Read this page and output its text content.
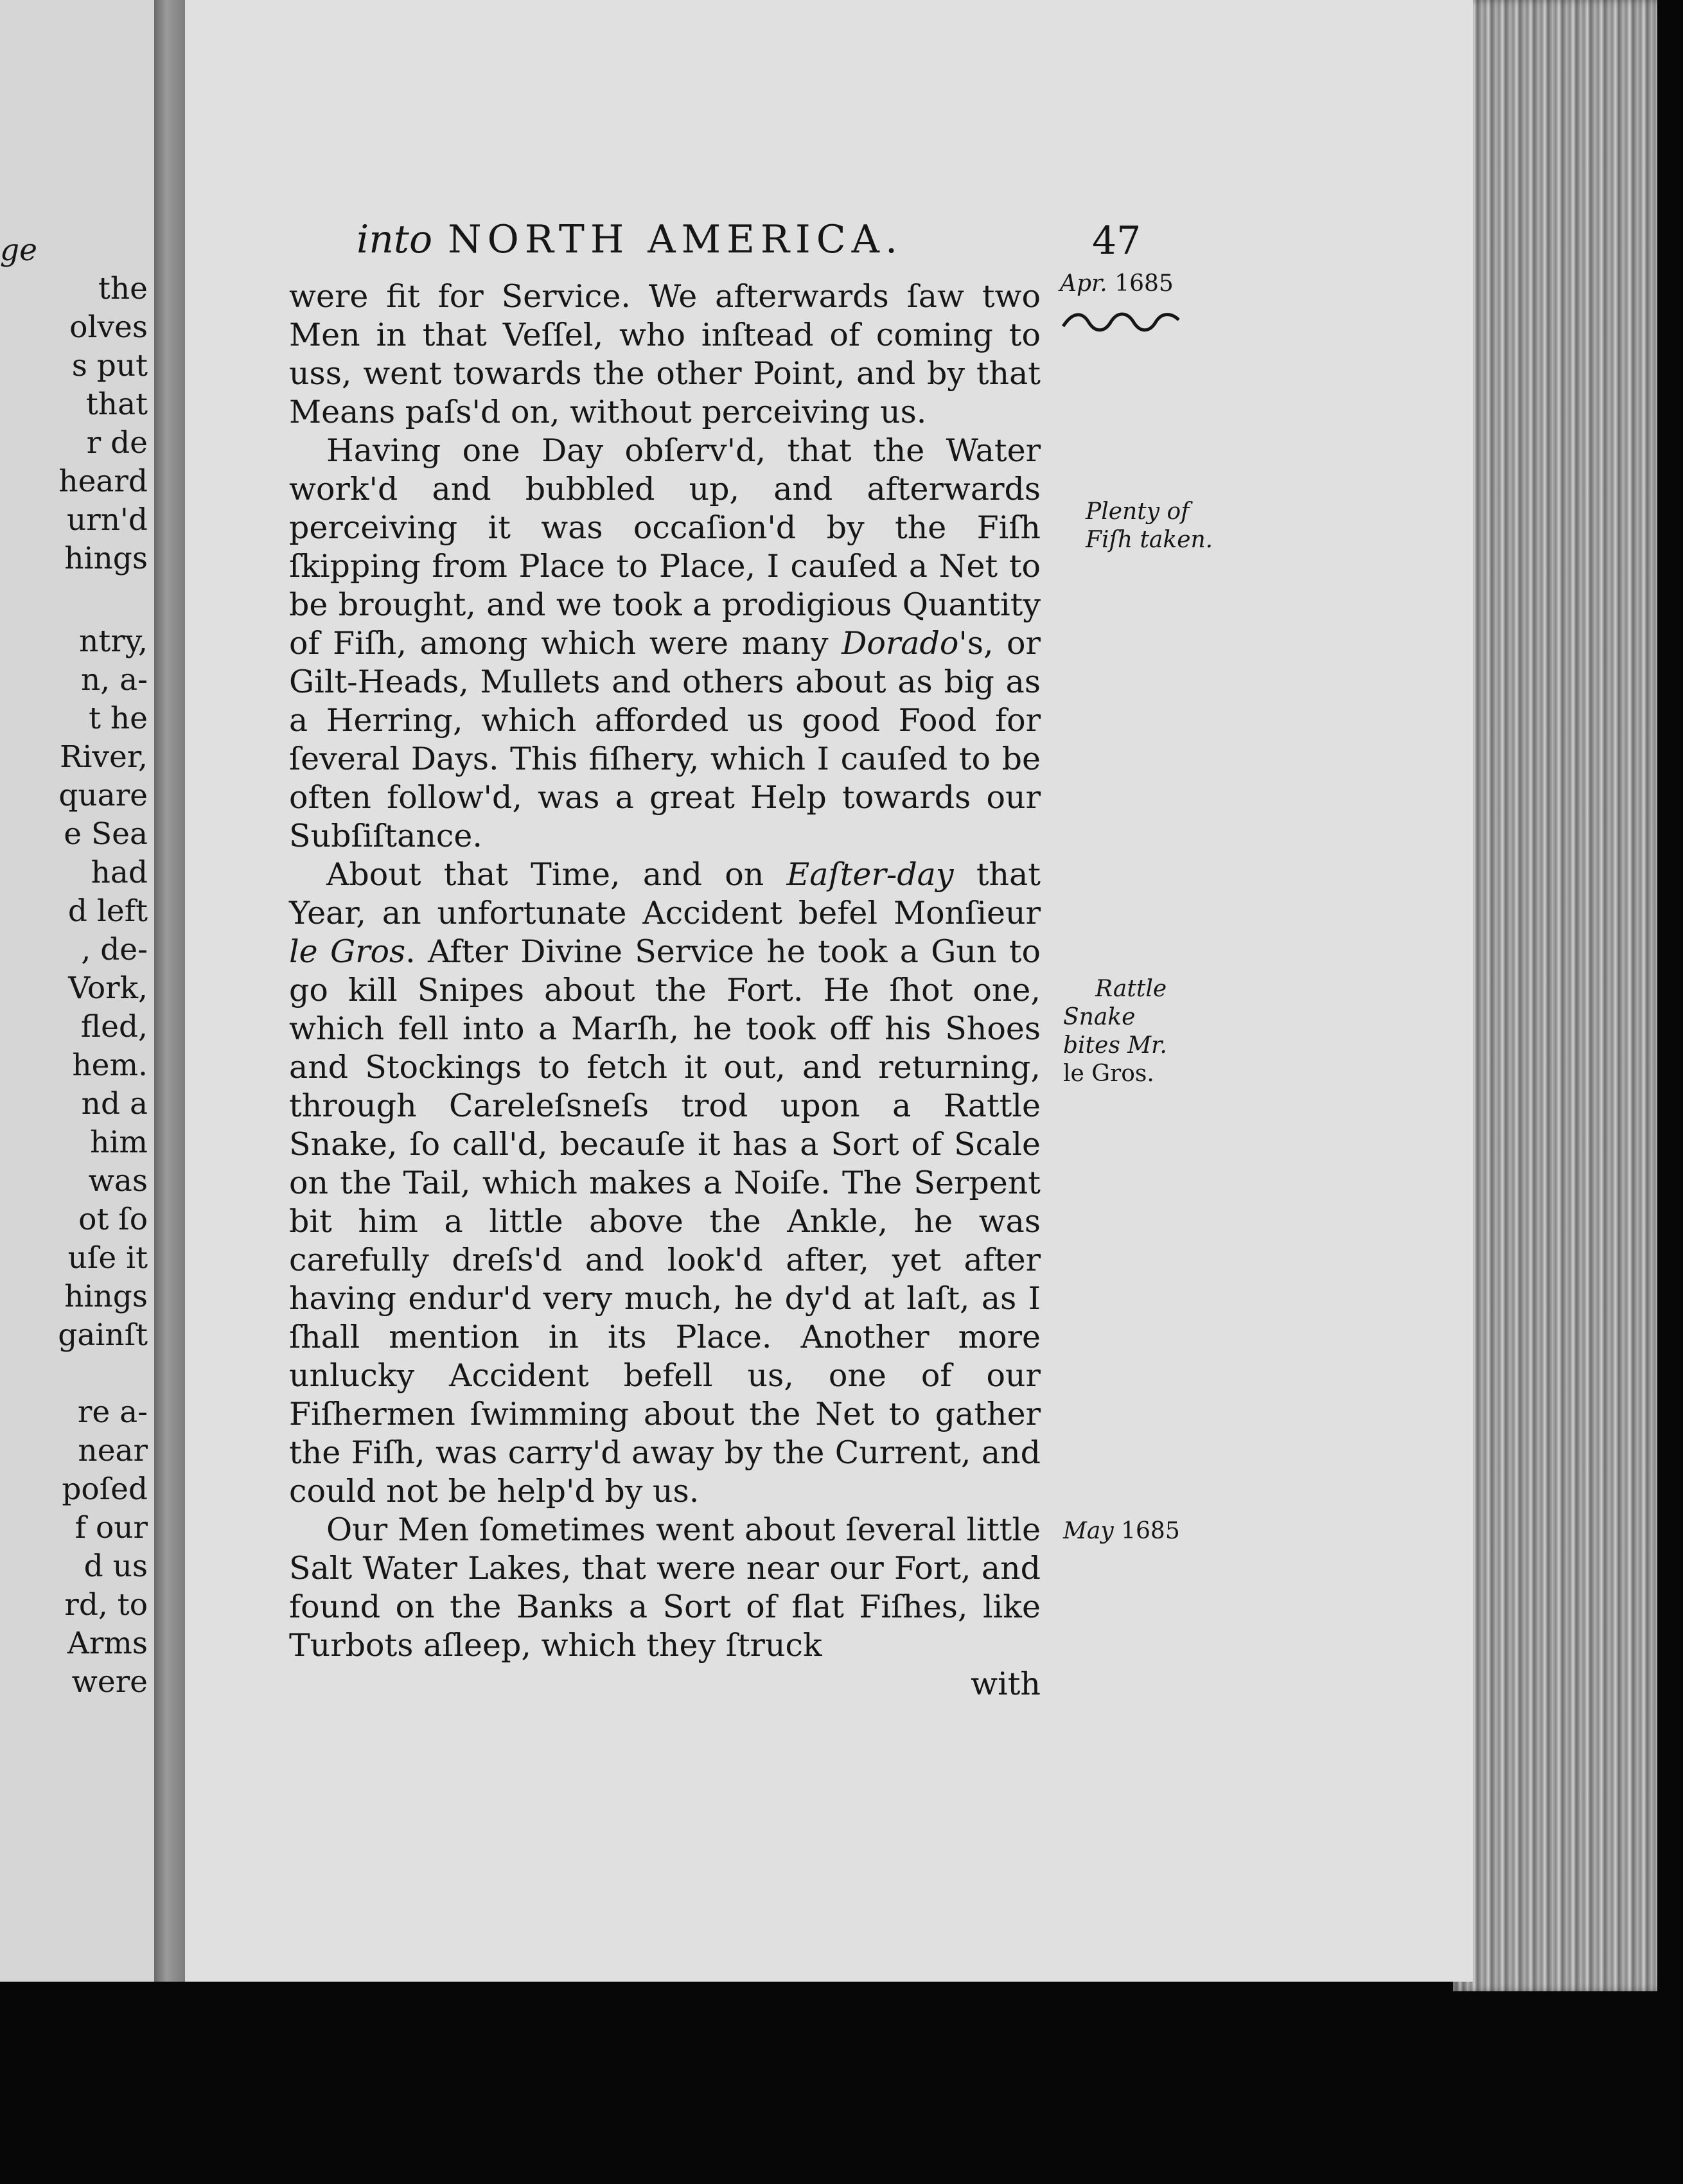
ge
the
olves
s put
that
r de
heard
urn'd
hings
ntry,
n, a-
t he
River,
quare
e Sea
had
d left
, de-
Vork,
fled,
hem.
nd a
him
was
ot ſo
uſe it
hings
gainſt
re a-
near
poſed
f our
d us
rd, to
Arms
were
into NORTH AMERICA.	47
Apr. 1685
Plenty of
Fiſh taken.
Rattle
Snake
bites Mr.
le Gros.
May 1685

were fit for Service. We afterwards ſaw two Men in that Veſſel, who inſtead of coming to uss, went towards the other Point, and by that Means paſs'd on, without perceiving us.

Having one Day obſerv'd, that the Water work'd and bubbled up, and afterwards perceiving it was occaſion'd by the Fiſh ſkipping from Place to Place, I cauſed a Net to be brought, and we took a prodigious Quantity of Fiſh, among which were many Dorado's, or Gilt-Heads, Mullets and others about as big as a Herring, which afforded us good Food for ſeveral Days. This fiſhery, which I cauſed to be often follow'd, was a great Help towards our Subſiſtance.

About that Time, and on Eaſter-day that Year, an unfortunate Accident befel Monſieur le Gros. After Divine Service he took a Gun to go kill Snipes about the Fort. He ſhot one, which fell into a Marſh, he took off his Shoes and Stockings to fetch it out, and returning, through Careleſsneſs trod upon a Rattle Snake, ſo call'd, becauſe it has a Sort of Scale on the Tail, which makes a Noiſe. The Serpent bit him a little above the Ankle, he was carefully dreſs'd and look'd after, yet after having endur'd very much, he dy'd at laſt, as I ſhall mention in its Place. Another more unlucky Accident befell us, one of our Fiſhermen ſwimming about the Net to gather the Fiſh, was carry'd away by the Current, and could not be help'd by us.

Our Men ſometimes went about ſeveral little Salt Water Lakes, that were near our Fort, and found on the Banks a Sort of flat Fiſhes, like Turbots aſleep, which they ſtruck

with
